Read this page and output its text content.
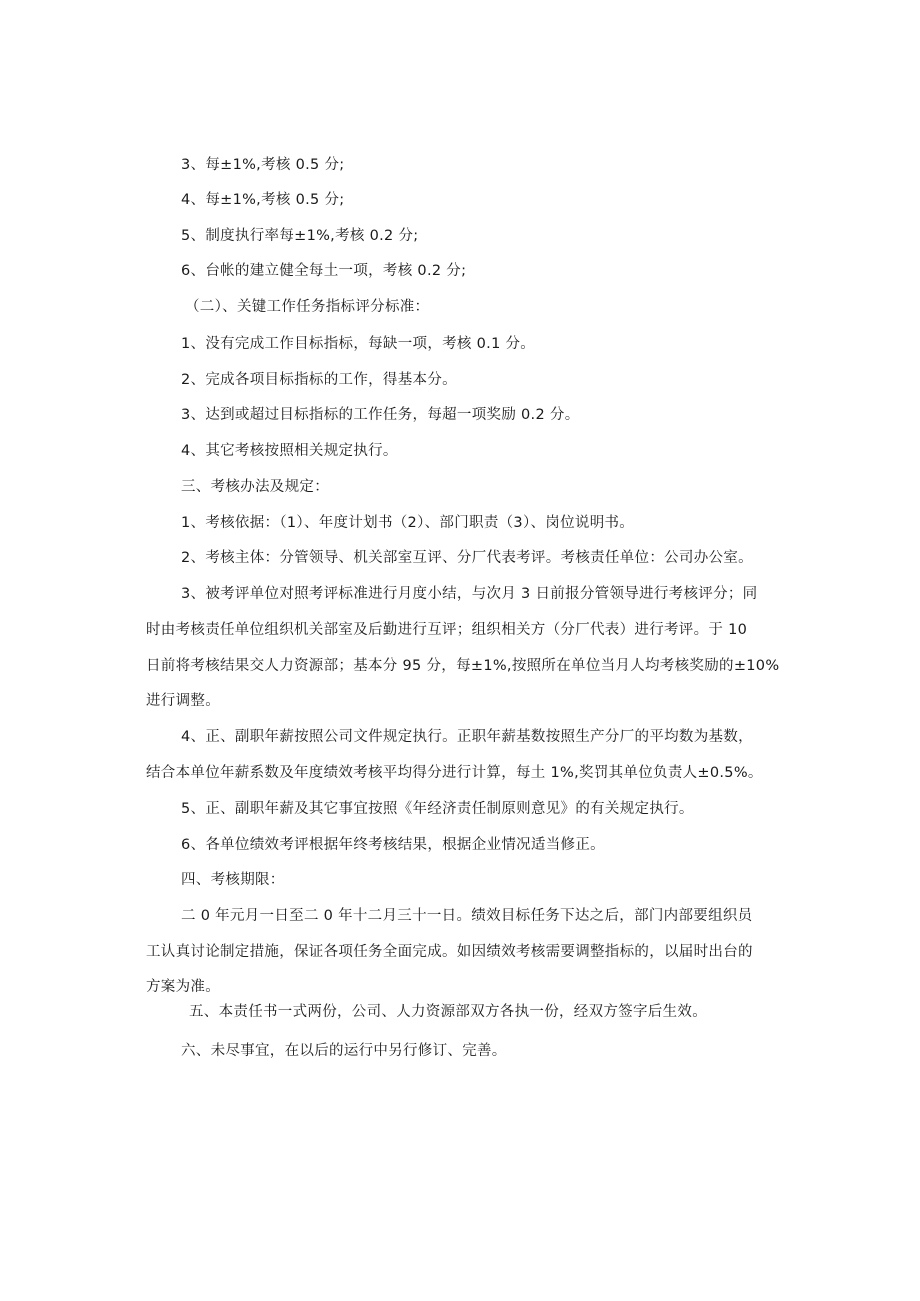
3、每±1%,考核 0.5 分;
4、每±1%,考核 0.5 分;
5、制度执行率每±1%,考核 0.2 分;
6、台帐的建立健全每土一项，考核 0.2 分;
（二）、关键工作任务指标评分标准：
1、没有完成工作目标指标，每缺一项，考核 0.1 分。
2、完成各项目标指标的工作，得基本分。
3、达到或超过目标指标的工作任务，每超一项奖励 0.2 分。
4、其它考核按照相关规定执行。
三、考核办法及规定：
1、考核依据：（1）、年度计划书（2）、部门职责（3）、岗位说明书。
2、考核主体：分管领导、机关部室互评、分厂代表考评。考核责任单位：公司办公室。
3、被考评单位对照考评标准进行月度小结，与次月 3 日前报分管领导进行考核评分；同
时由考核责任单位组织机关部室及后勤进行互评；组织相关方（分厂代表）进行考评。于 10
日前将考核结果交人力资源部；基本分 95 分，每±1%,按照所在单位当月人均考核奖励的±10%
进行调整。
4、正、副职年薪按照公司文件规定执行。正职年薪基数按照生产分厂的平均数为基数，
结合本单位年薪系数及年度绩效考核平均得分进行计算，每土 1%,奖罚其单位负责人±0.5%。
5、正、副职年薪及其它事宜按照《年经济责任制原则意见》的有关规定执行。
6、各单位绩效考评根据年终考核结果，根据企业情况适当修正。
四、考核期限：
二 0 年元月一日至二 0 年十二月三十一日。绩效目标任务下达之后，部门内部要组织员
工认真讨论制定措施，保证各项任务全面完成。如因绩效考核需要调整指标的，以届时出台的
方案为准。
五、本责任书一式两份，公司、人力资源部双方各执一份，经双方签字后生效。
六、未尽事宜，在以后的运行中另行修订、完善。
